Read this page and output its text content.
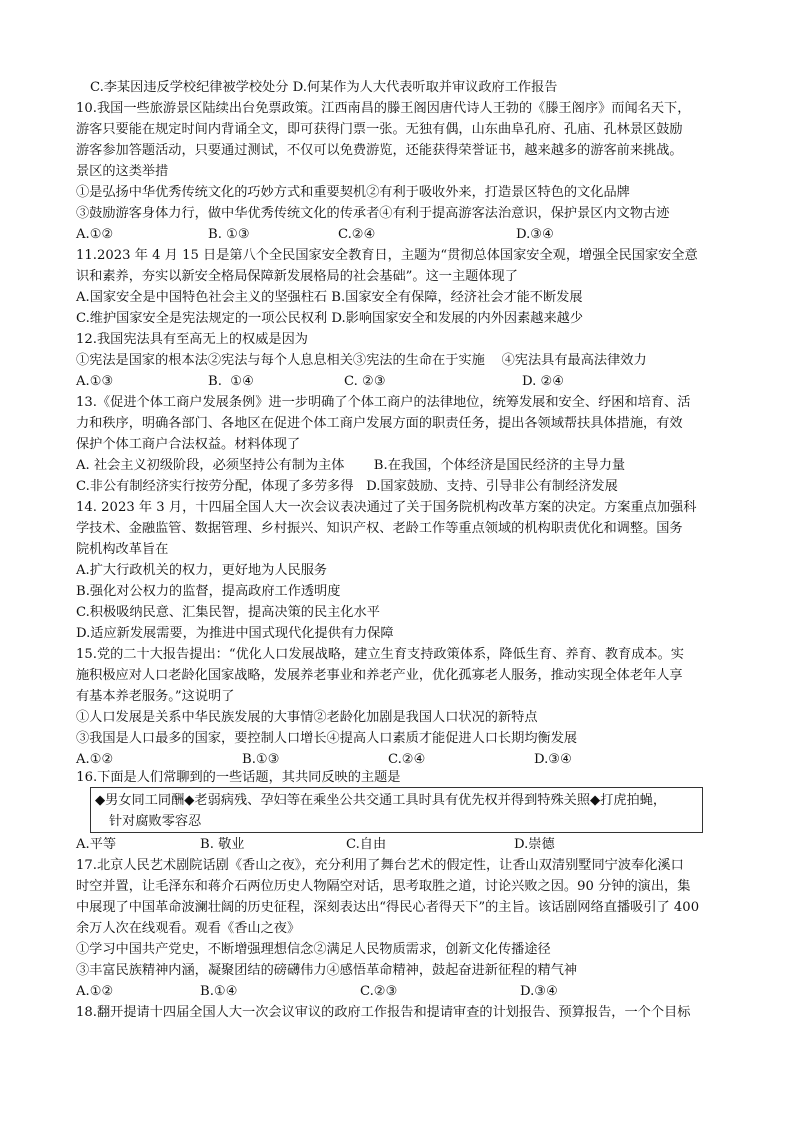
C.李某因违反学校纪律被学校处分 D.何某作为人大代表听取并审议政府工作报告
10.我国一些旅游景区陆续出台免票政策。江西南昌的滕王阁因唐代诗人王勃的《滕王阁序》而闻名天下，
游客只要能在规定时间内背诵全文，即可获得门票一张。无独有偶，山东曲阜孔府、孔庙、孔林景区鼓励
游客参加答题活动，只要通过测试，不仅可以免费游览，还能获得荣誉证书，越来越多的游客前来挑战。
景区的这类举措
①是弘扬中华优秀传统文化的巧妙方式和重要契机②有利于吸收外来，打造景区特色的文化品牌
③鼓励游客身体力行，做中华优秀传统文化的传承者④有利于提高游客法治意识，保护景区内文物古迹

A.①②

	B. ①③

	C.②④

	D.③④

11.2023 年 4 月 15 日是第八个全民国家安全教育日，主题为“贯彻总体国家安全观，增强全民国家安全意
识和素养，夯实以新安全格局保障新发展格局的社会基础”。这一主题体现了
A.国家安全是中国特色社会主义的坚强柱石 B.国家安全有保障，经济社会才能不断发展
C.维护国家安全是宪法规定的一项公民权利 D.影响国家安全和发展的内外因素越来越少
12.我国宪法具有至高无上的权威是因为
①宪法是国家的根本法②宪法与每个人息息相关③宪法的生命在于实施    ④宪法具有最高法律效力

A.①③

	B.  ①④

	C. ②③

	D. ②④

13.《促进个体工商户发展条例》进一步明确了个体工商户的法律地位，统筹发展和安全、纾困和培育、活
力和秩序，明确各部门、各地区在促进个体工商户发展方面的职责任务，提出各领域帮扶具体措施，有效
保护个体工商户合法权益。材料体现了
A. 社会主义初级阶段，必须坚持公有制为主体       B.在我国，个体经济是国民经济的主导力量
C.非公有制经济实行按劳分配，体现了多劳多得   D.国家鼓励、支持、引导非公有制经济发展
14. 2023 年 3 月，十四届全国人大一次会议表决通过了关于国务院机构改革方案的决定。方案重点加强科
学技术、金融监管、数据管理、乡村振兴、知识产权、老龄工作等重点领域的机构职责优化和调整。国务
院机构改革旨在
A.扩大行政机关的权力，更好地为人民服务
B.强化对公权力的监督，提高政府工作透明度
C.积极吸纳民意、汇集民智，提高决策的民主化水平
D.适应新发展需要，为推进中国式现代化提供有力保障
15.党的二十大报告提出：“优化人口发展战略，建立生育支持政策体系，降低生育、养育、教育成本。实
施积极应对人口老龄化国家战略，发展养老事业和养老产业，优化孤寡老人服务，推动实现全体老年人享
有基本养老服务。”这说明了
①人口发展是关系中华民族发展的大事情②老龄化加剧是我国人口状况的新特点
③我国是人口最多的国家，要控制人口增长④提高人口素质才能促进人口长期均衡发展

A.①②

	B.①③

	C.②④

	D.③④

16.下面是人们常聊到的一些话题，其共同反映的主题是
◆男女同工同酬◆老弱病残、孕妇等在乘坐公共交通工具时具有优先权并得到特殊关照◆打虎拍蝇，
针对腐败零容忍

A.平等

	B. 敬业

	C.自由

	D.崇德

17.北京人民艺术剧院话剧《香山之夜》，充分利用了舞台艺术的假定性，让香山双清别墅同宁波奉化溪口
时空并置，让毛泽东和蒋介石两位历史人物隔空对话，思考取胜之道，讨论兴败之因。90 分钟的演出，集
中展现了中国革命波澜壮阔的历史征程，深刻表达出“得民心者得天下”的主旨。该话剧网络直播吸引了 400
余万人次在线观看。观看《香山之夜》
①学习中国共产党史，不断增强理想信念②满足人民物质需求，创新文化传播途径
③丰富民族精神内涵，凝聚团结的磅礴伟力④感悟革命精神，鼓起奋进新征程的精气神

A.①②

	B.①④

	C.②③

	D.③④

18.翻开提请十四届全国人大一次会议审议的政府工作报告和提请审查的计划报告、预算报告，一个个目标
